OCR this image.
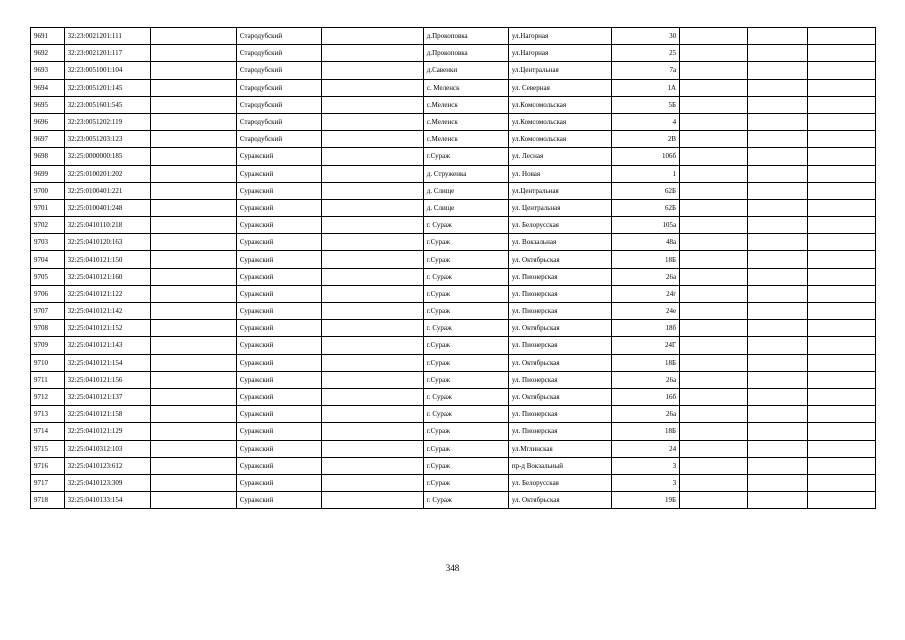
9691	32:23:0021201:111		Стародубский		д.Прокоповка	ул.Нагорная	30			
9692	32:23:0021201:117		Стародубский		д.Прокоповка	ул.Нагорная	25			
9693	32:23:0051001:104		Стародубский		д.Савенки	ул.Центральная	7а			
9694	32:23:0051201:145		Стародубский		с. Меленск	ул. Северная	1А			
9695	32:23:0051601:545		Стародубский		с.Меленск	ул.Комсомольская	5Б			
9696	32:23:0051202:119		Стародубский		с.Меленск	ул.Комсомольская	4			
9697	32:23:0051203:123		Стародубский		с.Меленск	ул.Комсомольская	2В			
9698	32:25:0000000:185		Суражский		г.Сураж	ул. Лесная	106б			
9699	32:25:0100201:202		Суражский		д. Струженка	ул. Новая	1			
9700	32:25:0100401:221		Суражский		д. Слище	ул.Центральная	62Б			
9701	32:25:0100401:248		Суражский		д. Слище	ул. Центральная	62Б			
9702	32:25:0410110:218		Суражский		г. Сураж	ул. Белорусская	105а			
9703	32:25:0410120:163		Суражский		г.Сураж	ул. Вокзальная	48а			
9704	32:25:0410121:150		Суражский		г.Сураж	ул. Октябрьская	18Б			
9705	32:25:0410121:160		Суражский		г. Сураж	ул. Пионерская	26а			
9706	32:25:0410121:122		Суражский		г.Сураж	ул. Пионерская	24г			
9707	32:25:0410121:142		Суражский		г.Сураж	ул. Пионерская	24е			
9708	32:25:0410121:152		Суражский		г. Сураж	ул. Октябрьская	18б			
9709	32:25:0410121:143		Суражский		г.Сураж	ул. Пионерская	24Г			
9710	32:25:0410121:154		Суражский		г.Сураж	ул. Октябрьская	18Б			
9711	32:25:0410121:156		Суражский		г.Сураж	ул. Пионерская	26а			
9712	32:25:0410121:137		Суражский		г. Сураж	ул. Октябрьская	16б			
9713	32:25:0410121:158		Суражский		г. Сураж	ул. Пионерская	26а			
9714	32:25:0410121:129		Суражский		г.Сураж	ул. Пионерская	18Б			
9715	32:25:0410312:103		Суражский		г.Сураж	ул.Мглинская	24			
9716	32:25:0410123:612		Суражский		г.Сураж	пр-д Вокзальный	3			
9717	32:25:0410123:309		Суражский		г.Сураж	ул. Белорусская	3			
9718	32:25:0410133:154		Суражский		г. Сураж	ул. Октябрьская	19Б			
348
